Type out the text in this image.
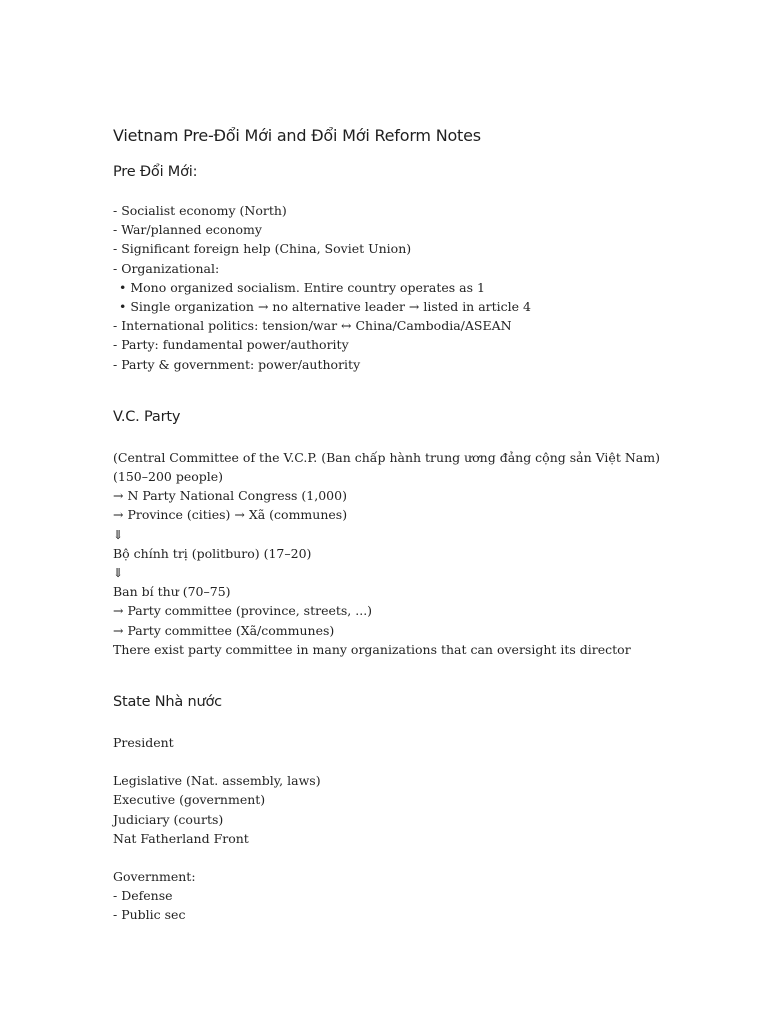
Vietnam Pre-Đổi Mới and Đổi Mới Reform Notes
Pre Đổi Mới:
- Socialist economy (North)
- War/planned economy
- Significant foreign help (China, Soviet Union)
- Organizational:
• Mono organized socialism. Entire country operates as 1
• Single organization → no alternative leader → listed in article 4
- International politics: tension/war ↔ China/Cambodia/ASEAN
- Party: fundamental power/authority
- Party & government: power/authority
V.C. Party
(Central Committee of the V.C.P. (Ban chấp hành trung ương đảng cộng sản Việt Nam)
(150–200 people)
→ N Party National Congress (1,000)
→ Province (cities) → Xã (communes)
⇓
Bộ chính trị (politburo) (17–20)
⇓
Ban bí thư (70–75)
→ Party committee (province, streets, ...)
→ Party committee (Xã/communes)
There exist party committee in many organizations that can oversight its director
State Nhà nước
President
Legislative (Nat. assembly, laws)
Executive (government)
Judiciary (courts)
Nat Fatherland Front
Government:
- Defense
- Public sec
